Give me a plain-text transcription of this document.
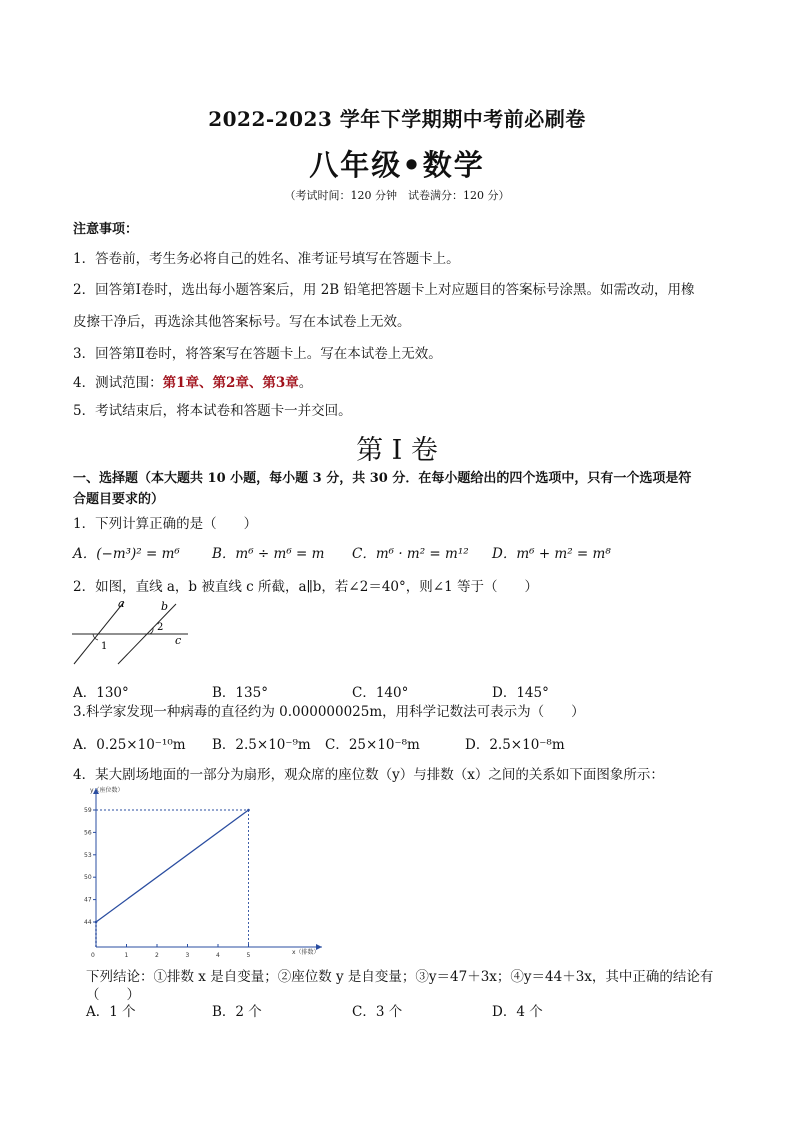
2022-2023 学年下学期期中考前必刷卷
八年级•数学
（考试时间：120 分钟　试卷满分：120 分）
注意事项：
1．答卷前，考生务必将自己的姓名、准考证号填写在答题卡上。
2．回答第Ⅰ卷时，选出每小题答案后，用 2B 铅笔把答题卡上对应题目的答案标号涂黑。如需改动，用橡
皮擦干净后，再选涂其他答案标号。写在本试卷上无效。
3．回答第Ⅱ卷时，将答案写在答题卡上。写在本试卷上无效。
4．测试范围：第1章、第2章、第3章。
5．考试结束后，将本试卷和答题卡一并交回。
第 I 卷
一、选择题（本大题共 10 小题，每小题 3 分，共 30 分．在每小题给出的四个选项中，只有一个选项是符
合题目要求的）
1．下列计算正确的是（　　）
A．(−m³)² = m⁶ B．m⁶ ÷ m⁶ = m C．m⁶ · m² = m¹² D．m⁶ + m² = m⁸
2．如图，直线 a，b 被直线 c 所截，a∥b，若∠2＝40°，则∠1 等于（　　）
a	b
c
1
2
A．130°	B．135°	C．140°	D．145°
3.科学家发现一种病毒的直径约为 0.000000025m，用科学记数法可表示为（　　）
A．0.25×10⁻¹⁰m B．2.5×10⁻⁹m C．25×10⁻⁸m	D．2.5×10⁻⁸m
4．某大剧场地面的一部分为扇形，观众席的座位数（y）与排数（x）之间的关系如下面图象所示：
0	1	2	3	4	5
44
47
50
53
56
59
y（座位数）
x（排数）
下列结论：①排数 x 是自变量；②座位数 y 是自变量；③y＝47＋3x；④y＝44＋3x，其中正确的结论有
（　　）
A．1 个	B．2 个	C．3 个	D．4 个
